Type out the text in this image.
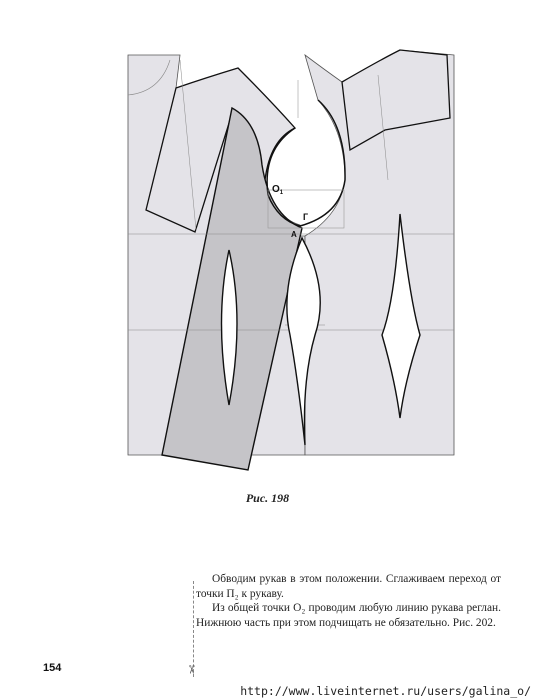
$O_1$
Г
А
Рис. 198

Обводим рукав в этом положении. Сглаживаем переход от точки П₂ к рукаву.

Из общей точки О₂ проводим любую линию рукава реглан. Нижнюю часть при этом подчищать не обязательно. Рис. 202.

✂
154
http://www.liveinternet.ru/users/galina_o/
